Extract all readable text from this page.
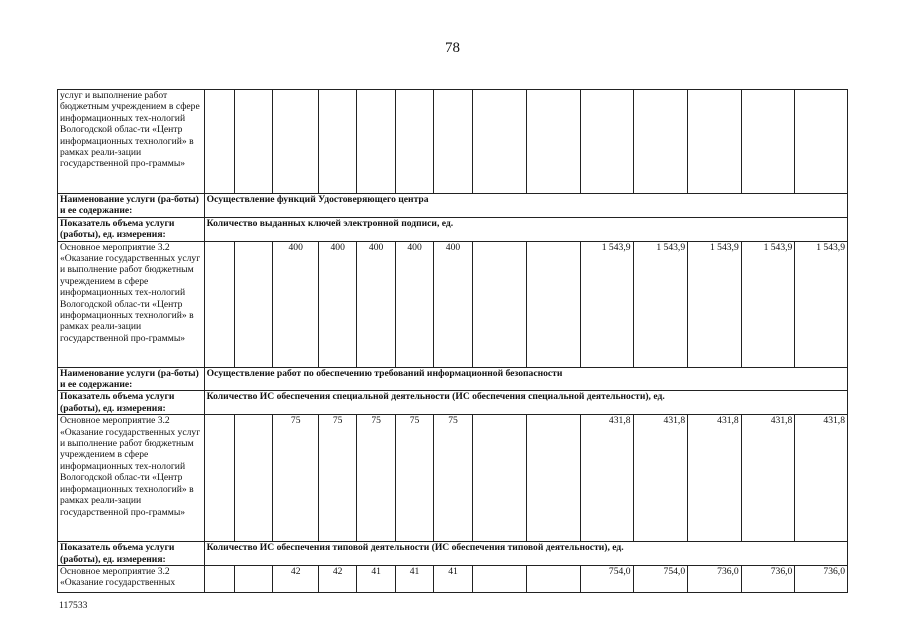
78
услуг и выполнение работ бюджетным учреждением в сфере информационных тех-нологий Вологодской облас-ти «Центр информационных технологий» в рамках реали-зации государственной про-граммы»														
Наименование услуги (ра-боты) и ее содержание:	Осуществление функций Удостоверяющего центра													
Показатель объема услуги (работы), ед. измерения:	Количество выданных ключей электронной подписи, ед.													
Основное мероприятие 3.2 «Оказание государственных услуг и выполнение работ бюджетным учреждением в сфере информационных тех-нологий Вологодской облас-ти «Центр информационных технологий» в рамках реали-зации государственной про-граммы»			400	400	400	400	400			1 543,9	1 543,9	1 543,9	1 543,9	1 543,9
Наименование услуги (ра-боты) и ее содержание:	Осуществление работ по обеспечению требований информационной безопасности													
Показатель объема услуги (работы), ед. измерения:	Количество ИС обеспечения специальной деятельности (ИС обеспечения специальной деятельности), ед.													
Основное мероприятие 3.2 «Оказание государственных услуг и выполнение работ бюджетным учреждением в сфере информационных тех-нологий Вологодской облас-ти «Центр информационных технологий» в рамках реали-зации государственной про-граммы»			75	75	75	75	75			431,8	431,8	431,8	431,8	431,8
Показатель объема услуги (работы), ед. измерения:	Количество ИС обеспечения типовой деятельности (ИС обеспечения типовой деятельности), ед.													
Основное мероприятие 3.2 «Оказание государственных			42	42	41	41	41			754,0	754,0	736,0	736,0	736,0
117533
